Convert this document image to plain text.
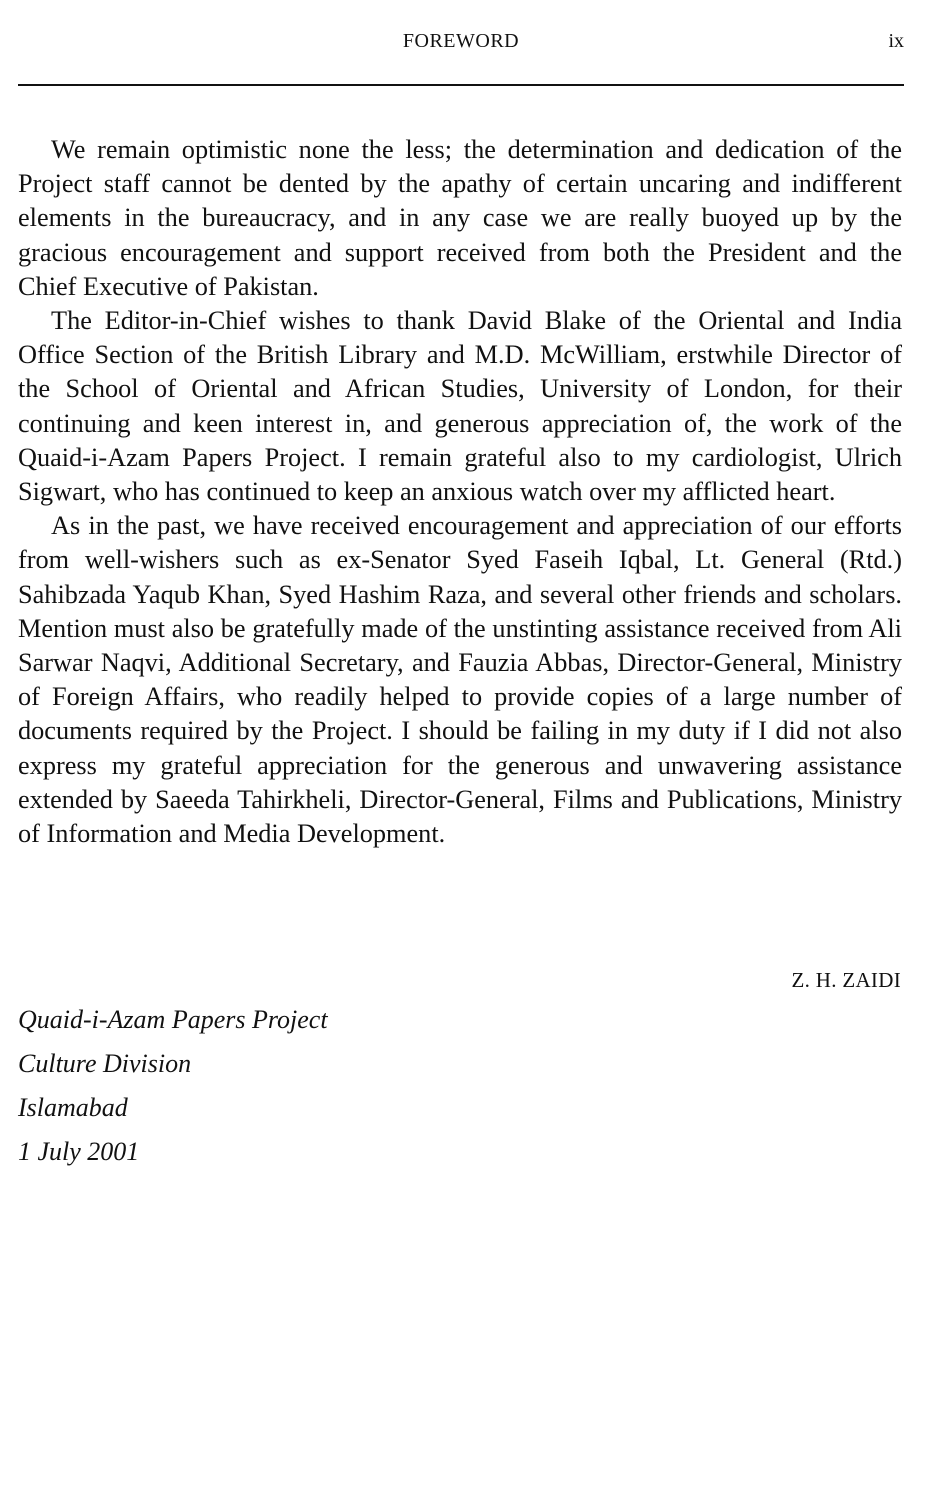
FOREWORD	ix

We remain optimistic none the less; the determination and dedication of the Project staff cannot be dented by the apathy of certain uncaring and indifferent elements in the bureaucracy, and in any case we are really buoyed up by the gracious encouragement and support received from both the President and the Chief Executive of Pakistan.

The Editor-in-Chief wishes to thank David Blake of the Oriental and India Office Section of the British Library and M.D. McWilliam, erstwhile Director of the School of Oriental and African Studies, University of London, for their continuing and keen interest in, and generous appreciation of, the work of the Quaid-i-Azam Papers Project. I remain grateful also to my cardiologist, Ulrich Sigwart, who has continued to keep an anxious watch over my afflicted heart.

As in the past, we have received encouragement and appreciation of our efforts from well-wishers such as ex-Senator Syed Faseih Iqbal, Lt. General (Rtd.) Sahibzada Yaqub Khan, Syed Hashim Raza, and several other friends and scholars. Mention must also be gratefully made of the unstinting assistance received from Ali Sarwar Naqvi, Additional Secretary, and Fauzia Abbas, Director-General, Ministry of Foreign Affairs, who readily helped to provide copies of a large number of documents required by the Project. I should be failing in my duty if I did not also express my grateful appreciation for the generous and unwavering assistance extended by Saeeda Tahirkheli, Director-General, Films and Publications, Ministry of Information and Media Development.

Z. H. ZAIDI
Quaid-i-Azam Papers Project
Culture Division
Islamabad
1 July 2001
